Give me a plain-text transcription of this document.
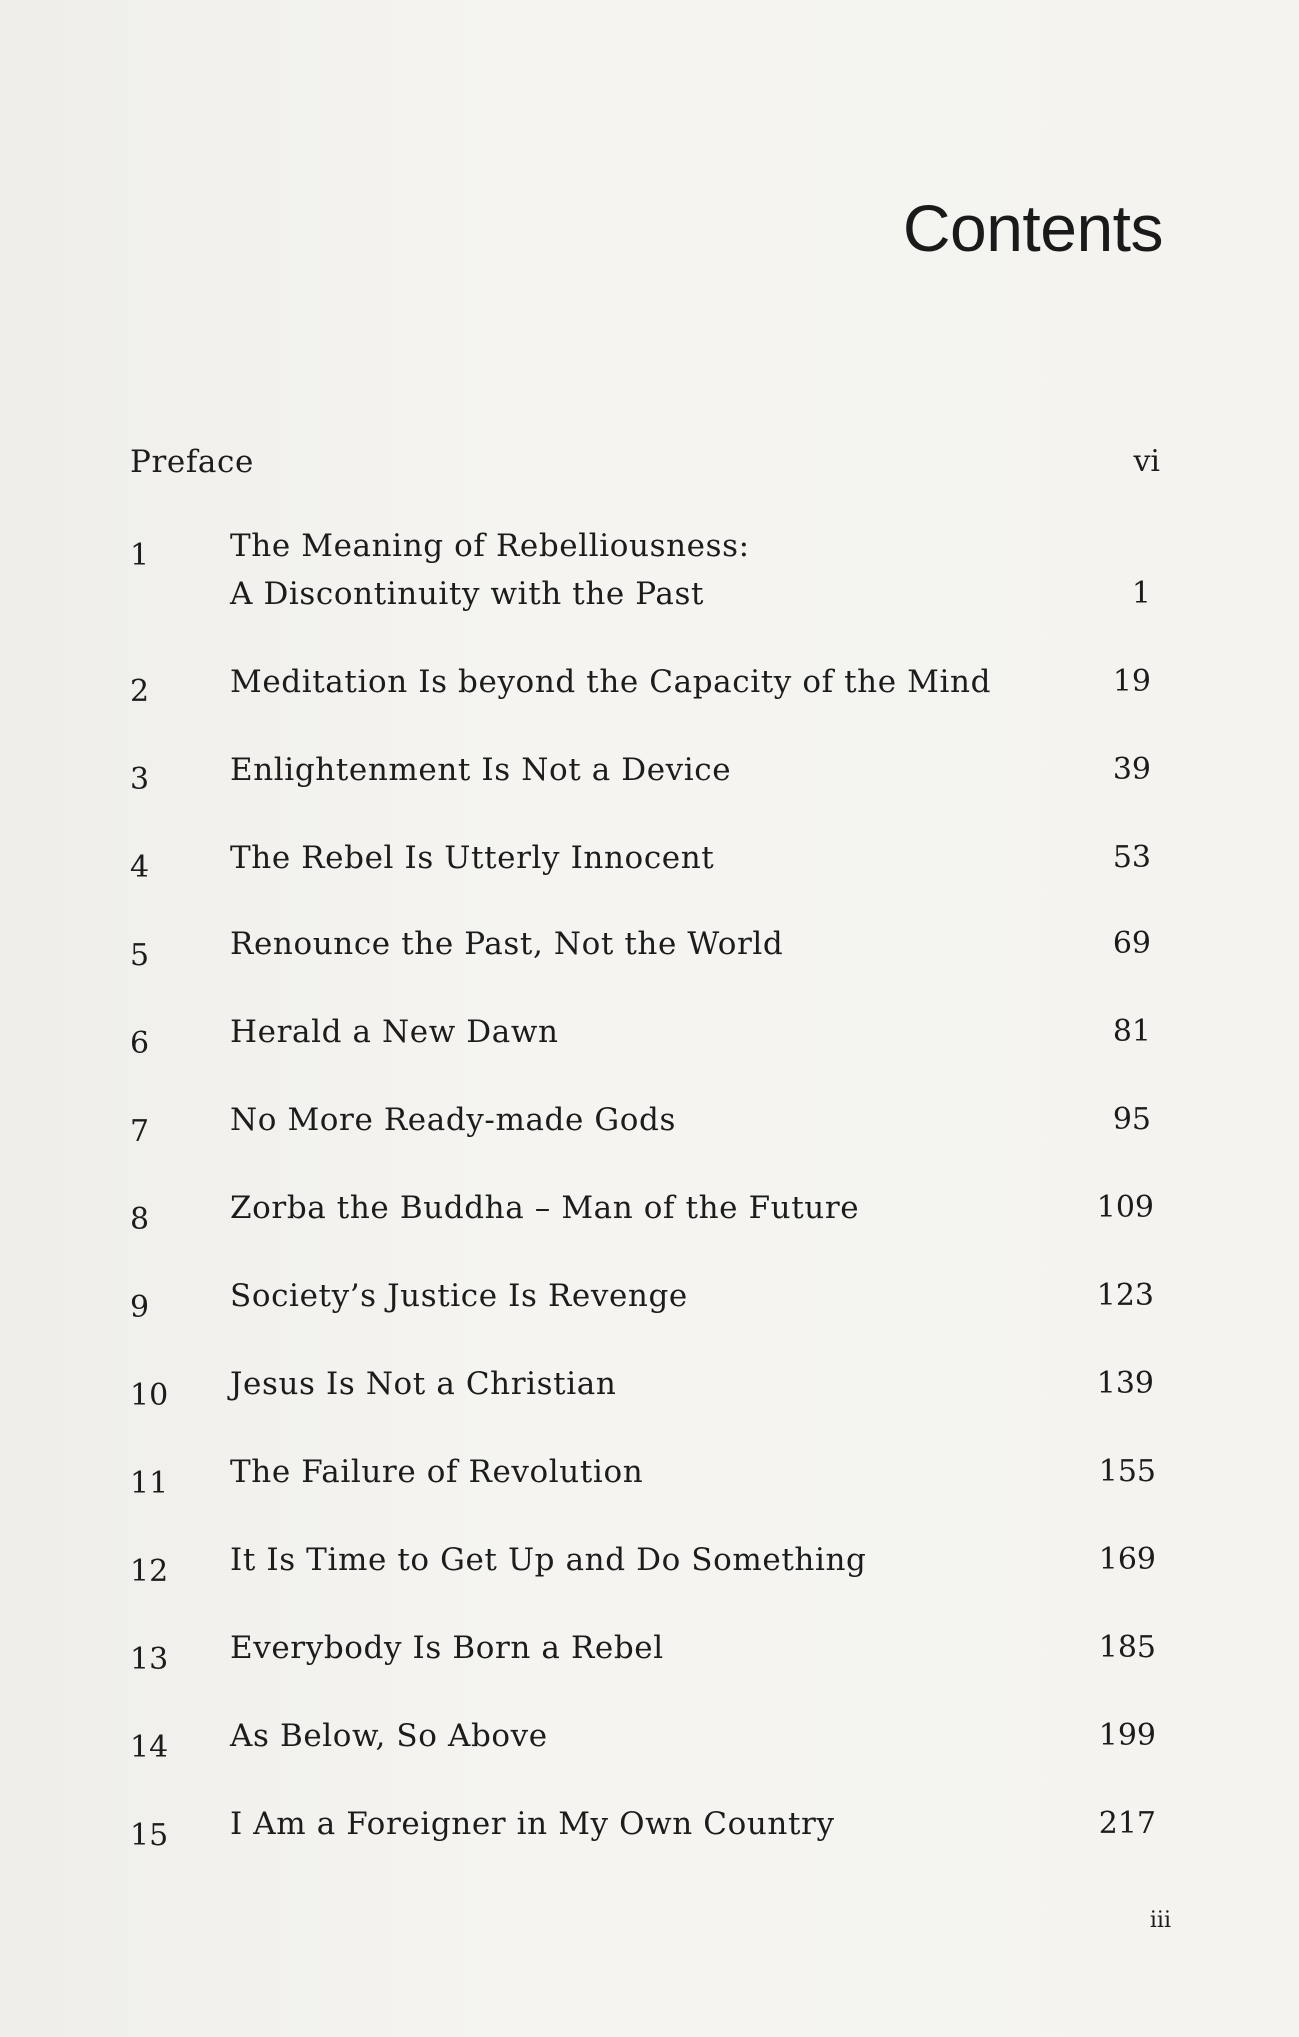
Contents
Preface	vi
1	The Meaning of Rebelliousness:
A Discontinuity with the Past	1
2	Meditation Is beyond the Capacity of the Mind	19
3	Enlightenment Is Not a Device	39
4	The Rebel Is Utterly Innocent	53
5	Renounce the Past, Not the World	69
6	Herald a New Dawn	81
7	No More Ready-made Gods	95
8	Zorba the Buddha – Man of the Future	109
9	Society’s Justice Is Revenge	123
10 Jesus Is Not a Christian	139
11 The Failure of Revolution	155
12 It Is Time to Get Up and Do Something	169
13 Everybody Is Born a Rebel	185
14 As Below, So Above	199
15 I Am a Foreigner in My Own Country	217
iii
